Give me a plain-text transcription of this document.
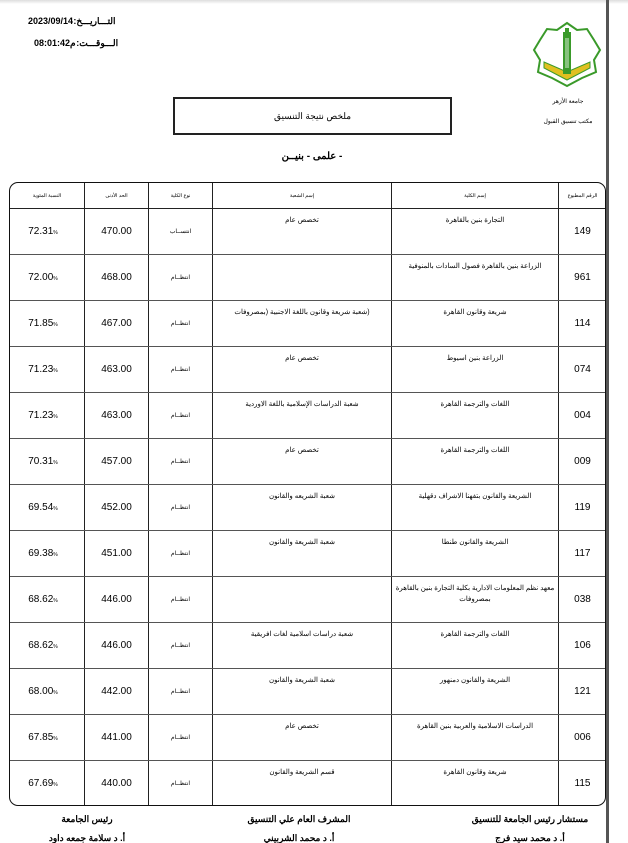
التـــاريـــخ: 2023/09/14
الـــوقـــت: م08:01:42
جامعة الأزهر
مكتب تنسيق القبول
ملخص نتيجة التنسيق
- علمى - بنيــن
الرقم المطبوع	إسم الكلية	إسم الشعبة	نوع الكلية	الحد الأدنى	النسبة المئوية
149	التجارة بنين بالقاهرة	تخصص عام	انتســاب	470.00	72.31%
961	الزراعة بنين بالقاهرة فصول السادات بالمنوفية		انتظــام	468.00	72.00%
114	شريعة وقانون القاهرة	(شعبة شريعة وقانون باللغة الاجنبية (بمصروفات	انتظــام	467.00	71.85%
074	الزراعة بنين اسيوط	تخصص عام	انتظــام	463.00	71.23%
004	اللغات والترجمة القاهرة	شعبة الدراسات الإسلامية باللغة الاوردية	انتظــام	463.00	71.23%
009	اللغات والترجمة القاهرة	تخصص عام	انتظــام	457.00	70.31%
119	الشريعة والقانون بتفهنا الاشراف دقهلية	شعبة الشريعه والقانون	انتظــام	452.00	69.54%
117	الشريعة والقانون طنطا	شعبة الشريعة والقانون	انتظــام	451.00	69.38%
038	معهد نظم المعلومات الادارية بكلية التجارة بنين بالقاهرة بمصروفات		انتظــام	446.00	68.62%
106	اللغات والترجمة القاهرة	شعبة دراسات اسلامية لغات افريقية	انتظــام	446.00	68.62%
121	الشريعة والقانون دمنهور	شعبة الشريعة والقانون	انتظــام	442.00	68.00%
006	الدراسات الاسلامية والعربية بنين القاهرة	تخصص عام	انتظــام	441.00	67.85%
115	شريعة وقانون القاهرة	قسم الشريعة والقانون	انتظــام	440.00	67.69%

مستشار رئيس الجامعة للتنسيق
أ. د محمد سيد فرج
المشرف العام علي التنسيق
أ. د محمد الشربيني
رئيس الجامعة
أ. د سلامة جمعه داود
